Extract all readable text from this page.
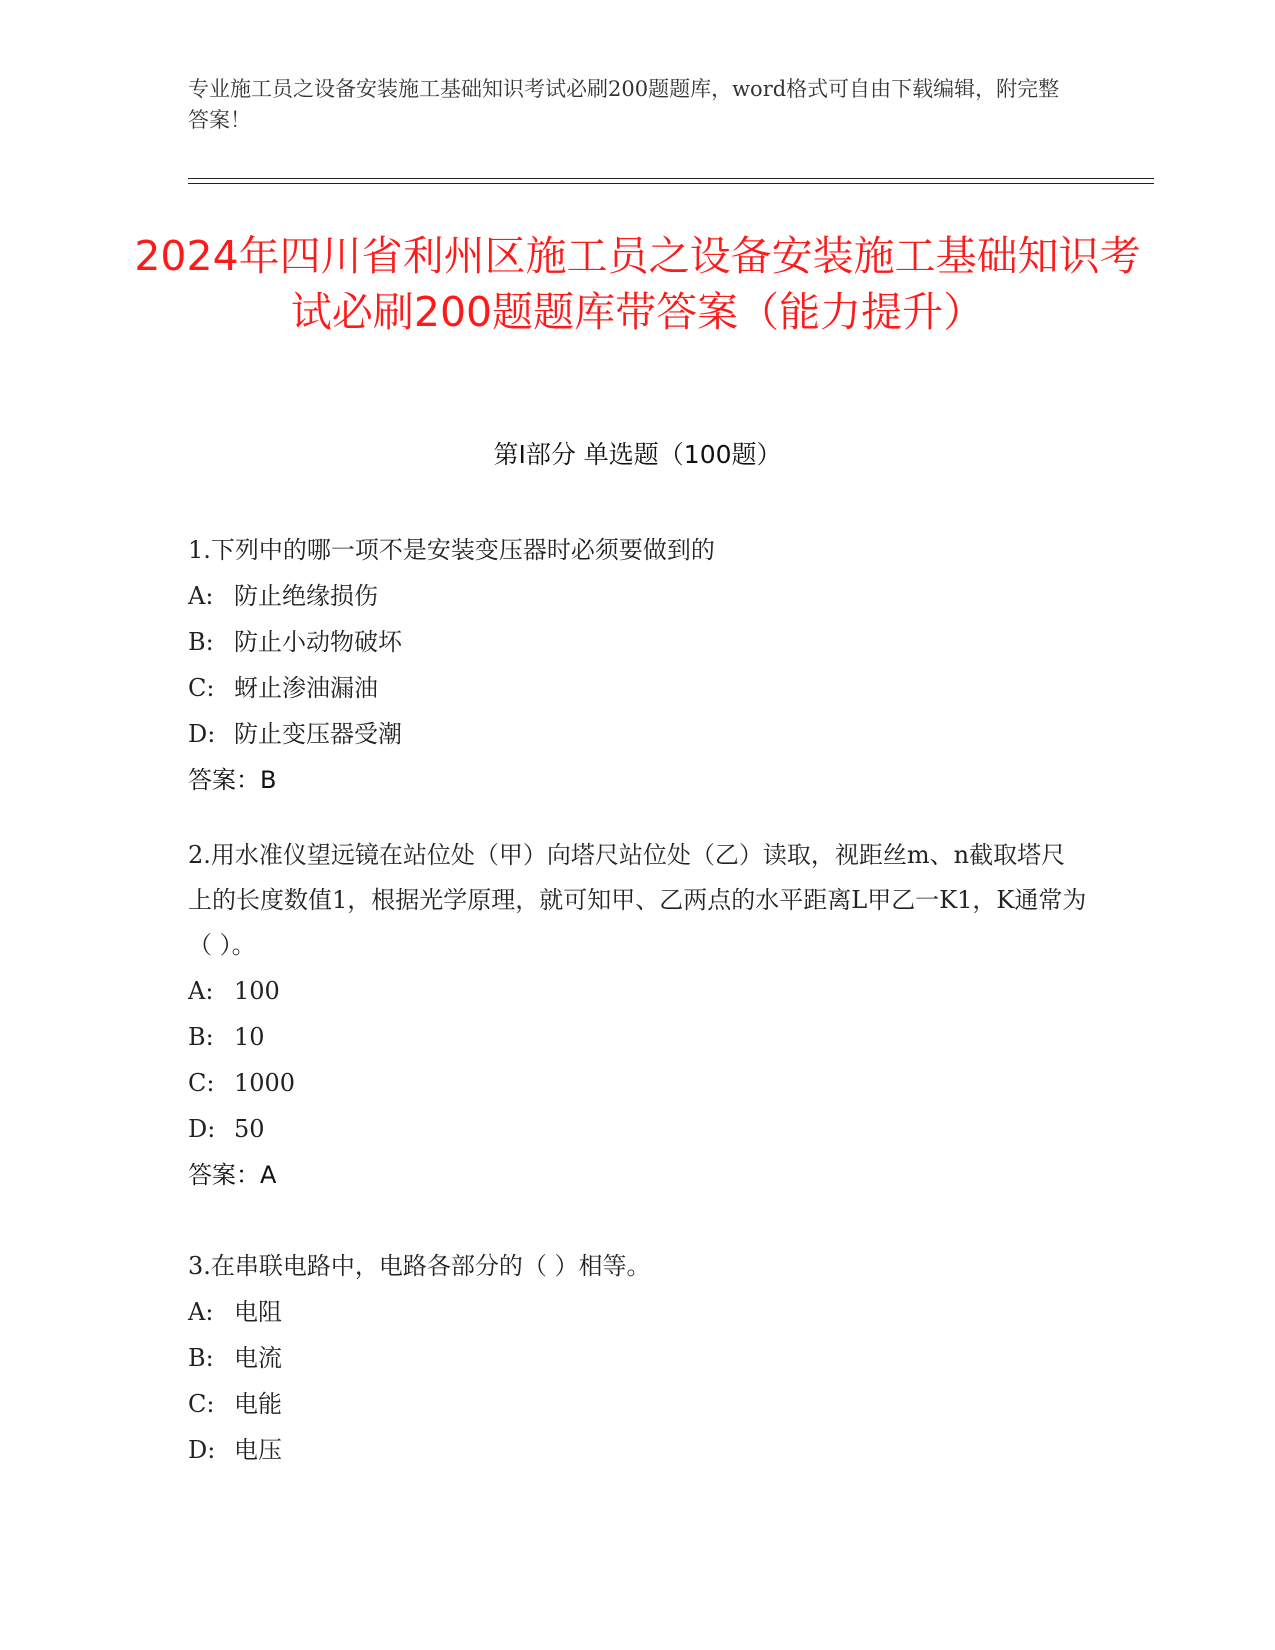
专业施工员之设备安装施工基础知识考试必刷200题题库，word格式可自由下载编辑，附完整答案！

2024年四川省利州区施工员之设备安装施工基础知识考试必刷200题题库带答案（能力提升）
第Ⅰ部分 单选题（100题）

1.下列中的哪一项不是安装变压器时必须要做到的

A: 防止绝缘损伤

B: 防止小动物破坏

C: 蚜止渗油漏油

D: 防止变压器受潮

答案：B

2.用水准仪望远镜在站位处（甲）向塔尺站位处（乙）读取，视距丝m、n截取塔尺上的长度数值1，根据光学原理，就可知甲、乙两点的水平距离L甲乙一K1，K通常为（ ）。

A: 100

B: 10

C: 1000

D: 50

答案：A

3.在串联电路中，电路各部分的（ ）相等。

A: 电阻

B: 电流

C: 电能

D: 电压
